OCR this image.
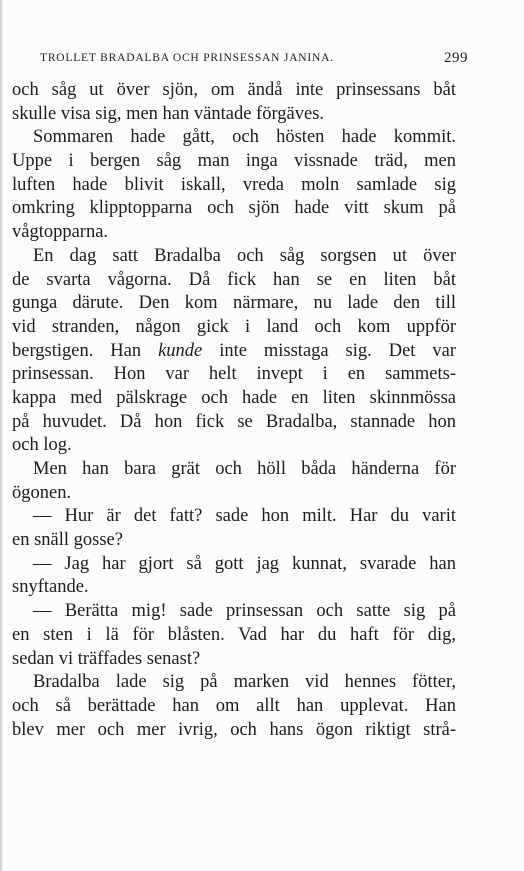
TROLLET BRADALBA OCH PRINSESSAN JANINA.	299
och såg ut över sjön, om ändå inte prinsessans båt
skulle visa sig, men han väntade förgäves.
Sommaren hade gått, och hösten hade kommit.
Uppe i bergen såg man inga vissnade träd, men
luften hade blivit iskall, vreda moln samlade sig
omkring klipptopparna och sjön hade vitt skum på
vågtopparna.
En dag satt Bradalba och såg sorgsen ut över
de svarta vågorna. Då fick han se en liten båt
gunga därute. Den kom närmare, nu lade den till
vid stranden, någon gick i land och kom uppför
bergstigen. Han kunde inte misstaga sig. Det var
prinsessan. Hon var helt invept i en sammets-
kappa med pälskrage och hade en liten skinnmössa
på huvudet. Då hon fick se Bradalba, stannade hon
och log.
Men han bara grät och höll båda händerna för
ögonen.
— Hur är det fatt? sade hon milt. Har du varit
en snäll gosse?
— Jag har gjort så gott jag kunnat, svarade han
snyftande.
— Berätta mig! sade prinsessan och satte sig på
en sten i lä för blåsten. Vad har du haft för dig,
sedan vi träffades senast?
Bradalba lade sig på marken vid hennes fötter,
och så berättade han om allt han upplevat. Han
blev mer och mer ivrig, och hans ögon riktigt strå-
